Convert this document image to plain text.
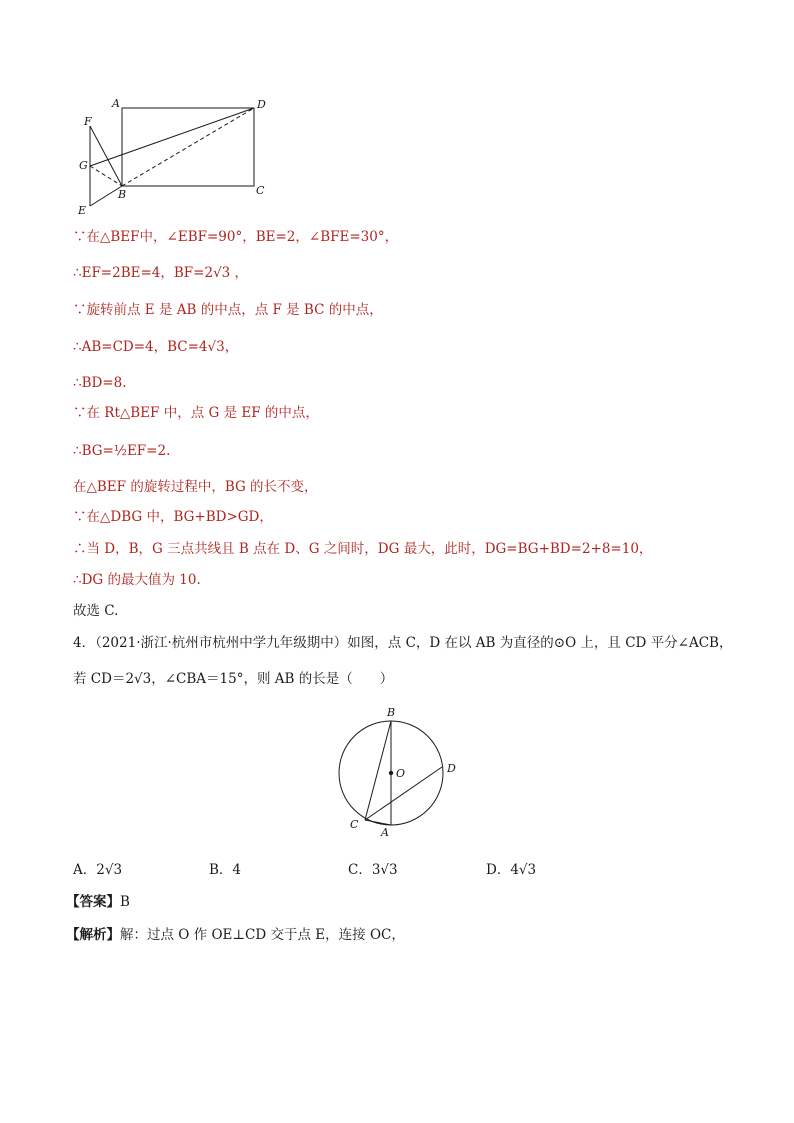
A	D
F
G
B	C
E
∵在△BEF中，∠EBF=90°，BE=2，∠BFE=30°，
∴EF=2BE=4，BF=2√3 ，
∵旋转前点 E 是 AB 的中点，点 F 是 BC 的中点，
∴AB=CD=4，BC=4√3，
∴BD=8.
∵在 Rt△BEF 中，点 G 是 EF 的中点，
∴BG=½EF=2.
在△BEF 的旋转过程中，BG 的长不变，
∵在△DBG 中，BG+BD>GD，
∴当 D，B，G 三点共线且 B 点在 D、G 之间时，DG 最大，此时，DG=BG+BD=2+8=10，
∴DG 的最大值为 10.
故选 C.
4．（2021·浙江·杭州市杭州中学九年级期中）如图，点 C，D 在以 AB 为直径的⊙O 上，且 CD 平分∠ACB，
若 CD＝2√3，∠CBA＝15°，则 AB 的长是（　　）
B
O	D
C
A
A．2√3	B．4	C．3√3	D．4√3
【答案】B
【解析】解：过点 O 作 OE⊥CD 交于点 E，连接 OC，
